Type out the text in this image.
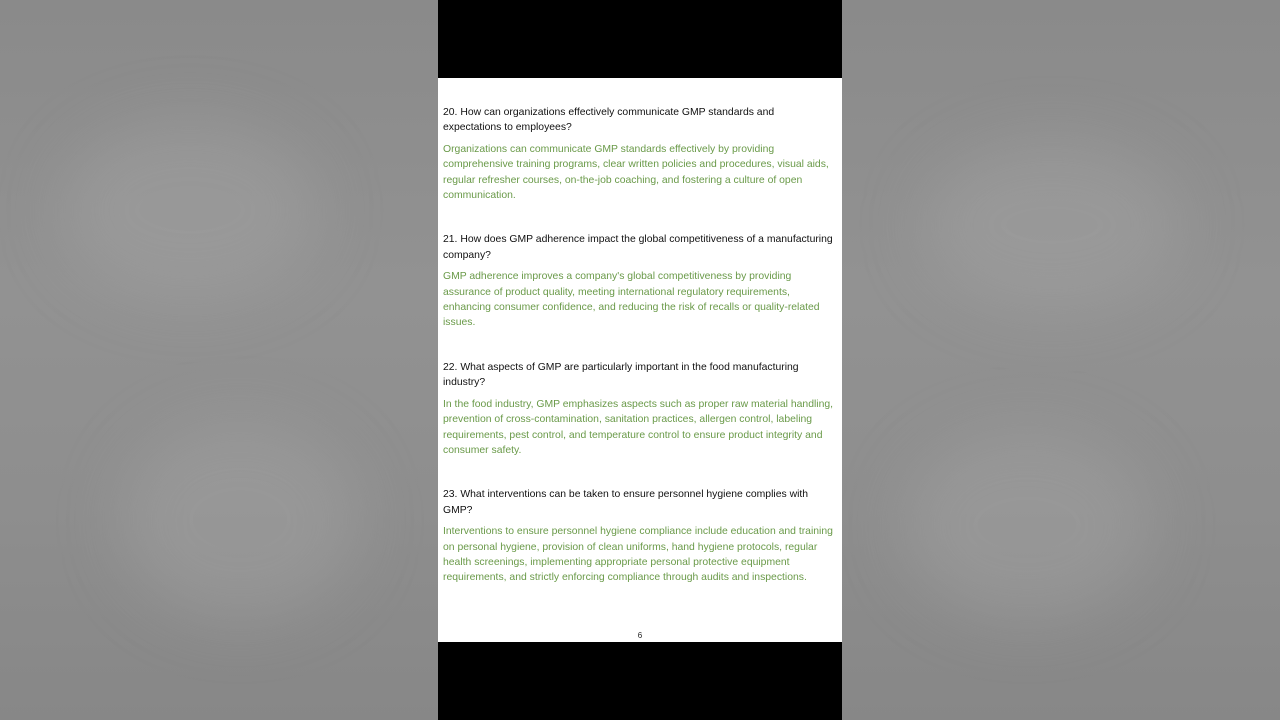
20. How can organizations effectively communicate GMP standards and expectations to employees?

Organizations can communicate GMP standards effectively by providing comprehensive training programs, clear written policies and procedures, visual aids, regular refresher courses, on-the-job coaching, and fostering a culture of open communication.

21. How does GMP adherence impact the global competitiveness of a manufacturing company?

GMP adherence improves a company's global competitiveness by providing assurance of product quality, meeting international regulatory requirements, enhancing consumer confidence, and reducing the risk of recalls or quality-related issues.

22. What aspects of GMP are particularly important in the food manufacturing industry?

In the food industry, GMP emphasizes aspects such as proper raw material handling, prevention of cross-contamination, sanitation practices, allergen control, labeling requirements, pest control, and temperature control to ensure product integrity and consumer safety.

23. What interventions can be taken to ensure personnel hygiene complies with GMP?

Interventions to ensure personnel hygiene compliance include education and training on personal hygiene, provision of clean uniforms, hand hygiene protocols, regular health screenings, implementing appropriate personal protective equipment requirements, and strictly enforcing compliance through audits and inspections.

6
